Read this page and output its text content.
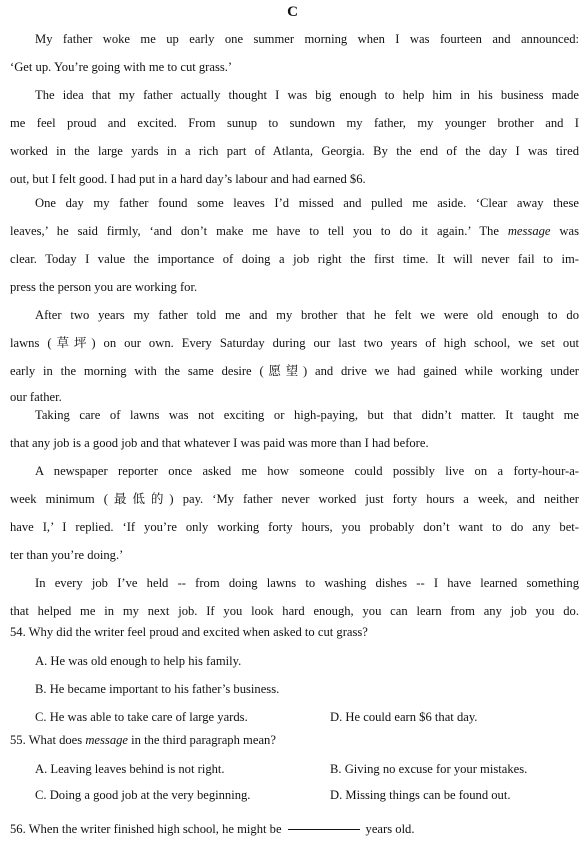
C
My father woke me up early one summer morning when I was fourteen and announced:
‘Get up. You’re going with me to cut grass.’
The idea that my father actually thought I was big enough to help him in his business made
me feel proud and excited. From sunup to sundown my father, my younger brother and I
worked in the large yards in a rich part of Atlanta, Georgia. By the end of the day I was tired
out, but I felt good. I had put in a hard day’s labour and had earned $6.
One day my father found some leaves I’d missed and pulled me aside. ‘Clear away these
leaves,’ he said firmly, ‘and don’t make me have to tell you to do it again.’ The message was
clear. Today I value the importance of doing a job right the first time. It will never fail to im-
press the person you are working for.
After two years my father told me and my brother that he felt we were old enough to do
lawns (草坪) on our own. Every Saturday during our last two years of high school, we set out
early in the morning with the same desire (愿望) and drive we had gained while working under
our father.
Taking care of lawns was not exciting or high-paying, but that didn’t matter. It taught me
that any job is a good job and that whatever I was paid was more than I had before.
A newspaper reporter once asked me how someone could possibly live on a forty-hour-a-
week minimum (最低的) pay. ‘My father never worked just forty hours a week, and neither
have I,’ I replied. ‘If you’re only working forty hours, you probably don’t want to do any bet-
ter than you’re doing.’
In every job I’ve held -- from doing lawns to washing dishes -- I have learned something
that helped me in my next job. If you look hard enough, you can learn from any job you do.
54. Why did the writer feel proud and excited when asked to cut grass?
A. He was old enough to help his family.
B. He became important to his father’s business.
C. He was able to take care of large yards.	D. He could earn $6 that day.
55. What does message in the third paragraph mean?
A. Leaving leaves behind is not right.	B. Giving no excuse for your mistakes.
C. Doing a good job at the very beginning.	D. Missing things can be found out.
56. When the writer finished high school, he might be	years old.
